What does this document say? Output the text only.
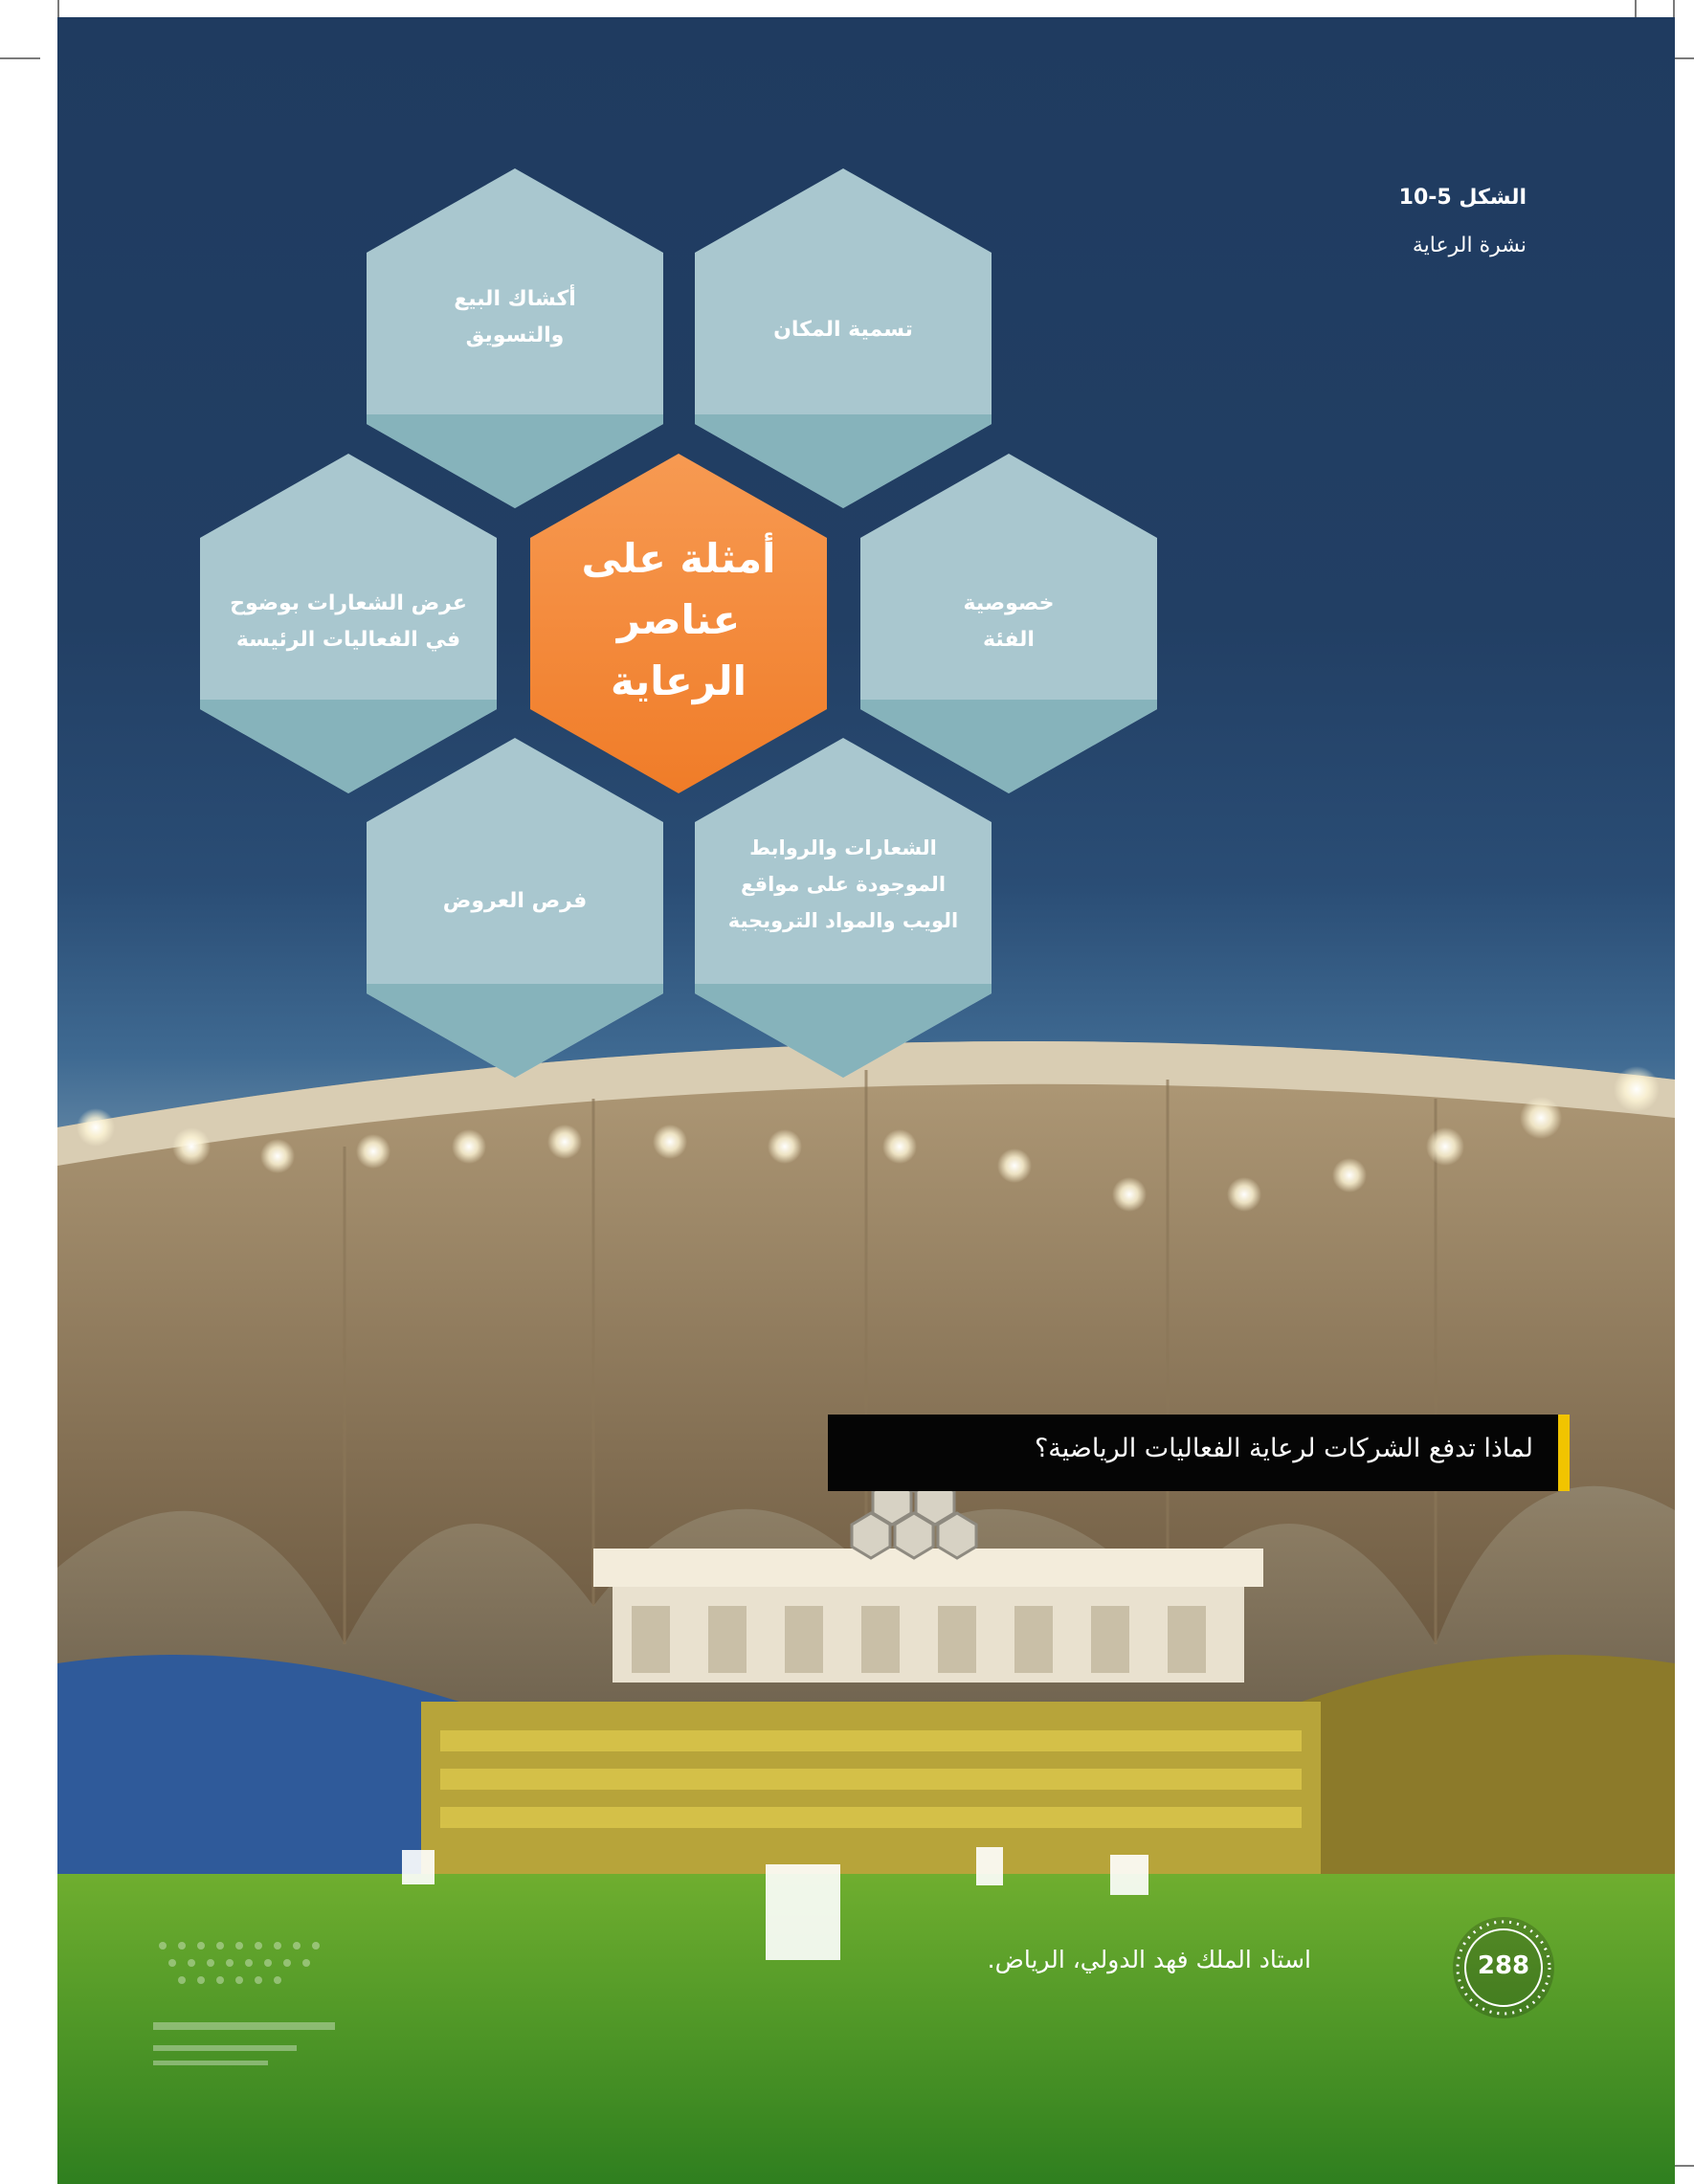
الشكل 5-10
نشرة الرعاية
أكشاك البيع
والتسويق	تسمية المكان
عرض الشعارات بوضوح
في الفعاليات الرئيسة
أمثلة على
عناصر
الرعاية
خصوصية
الفئة
فرص العروض
الشعارات والروابط
الموجودة على مواقع
الويب والمواد الترويجية
لماذا تدفع الشركات لرعاية الفعاليات الرياضية؟
استاد الملك فهد الدولي، الرياض.	288
